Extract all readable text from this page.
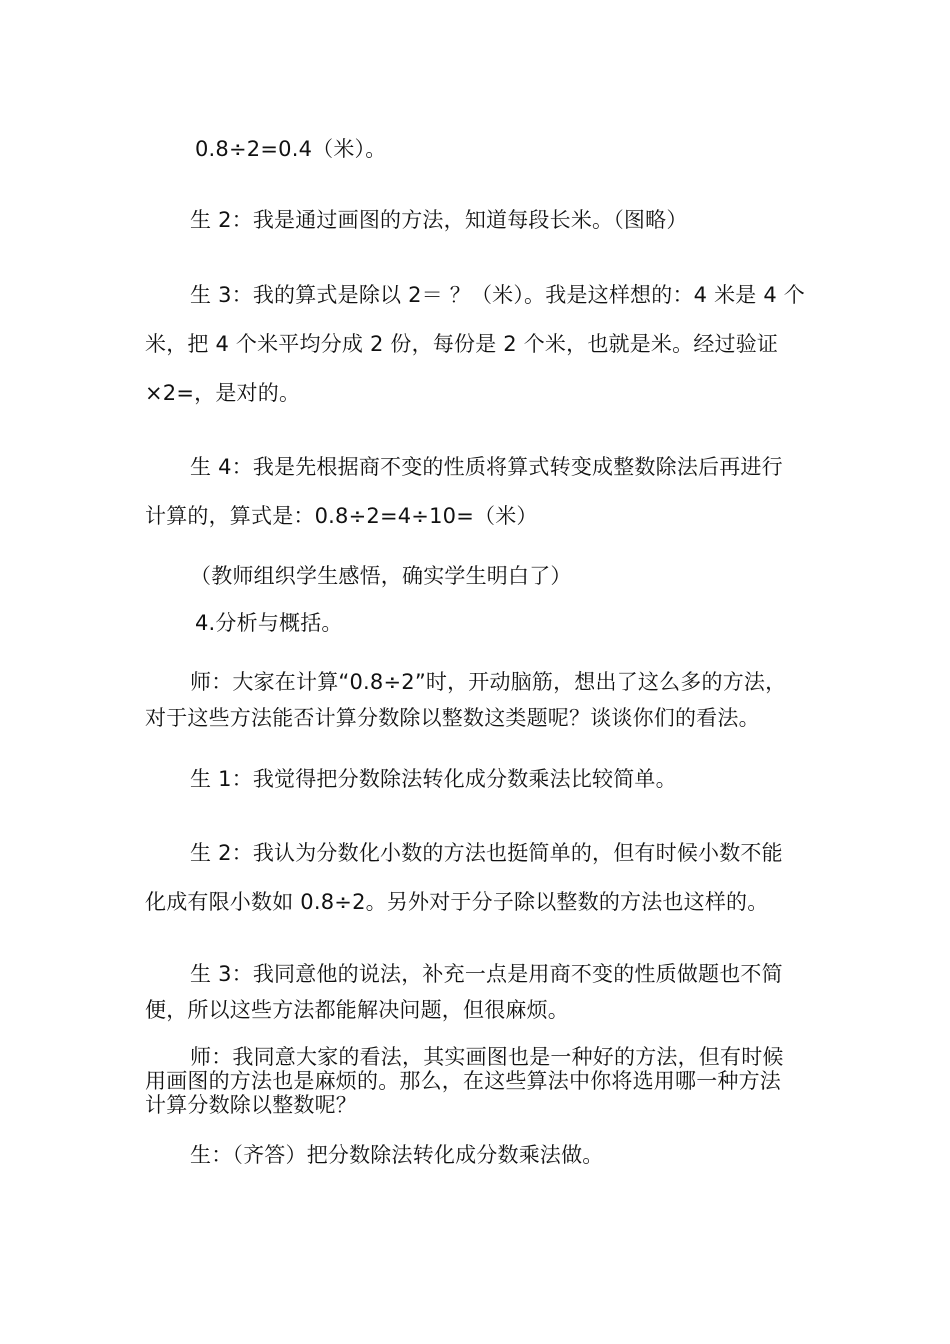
0.8÷2=0.4（米）。
生 2：我是通过画图的方法，知道每段长米。（图略）
生 3：我的算式是除以 2＝ ？（米）。我是这样想的：4 米是 4 个
米，把 4 个米平均分成 2 份，每份是 2 个米，也就是米。经过验证
×2=，是对的。
生 4：我是先根据商不变的性质将算式转变成整数除法后再进行
计算的，算式是：0.8÷2=4÷10=（米）
（教师组织学生感悟，确实学生明白了）
4.分析与概括。
师：大家在计算“0.8÷2”时，开动脑筋，想出了这么多的方法，
对于这些方法能否计算分数除以整数这类题呢？谈谈你们的看法。
生 1：我觉得把分数除法转化成分数乘法比较简单。
生 2：我认为分数化小数的方法也挺简单的，但有时候小数不能
化成有限小数如 0.8÷2。另外对于分子除以整数的方法也这样的。
生 3：我同意他的说法，补充一点是用商不变的性质做题也不简
便，所以这些方法都能解决问题，但很麻烦。
师：我同意大家的看法，其实画图也是一种好的方法，但有时候
用画图的方法也是麻烦的。那么，在这些算法中你将选用哪一种方法
计算分数除以整数呢？
生：（齐答）把分数除法转化成分数乘法做。
